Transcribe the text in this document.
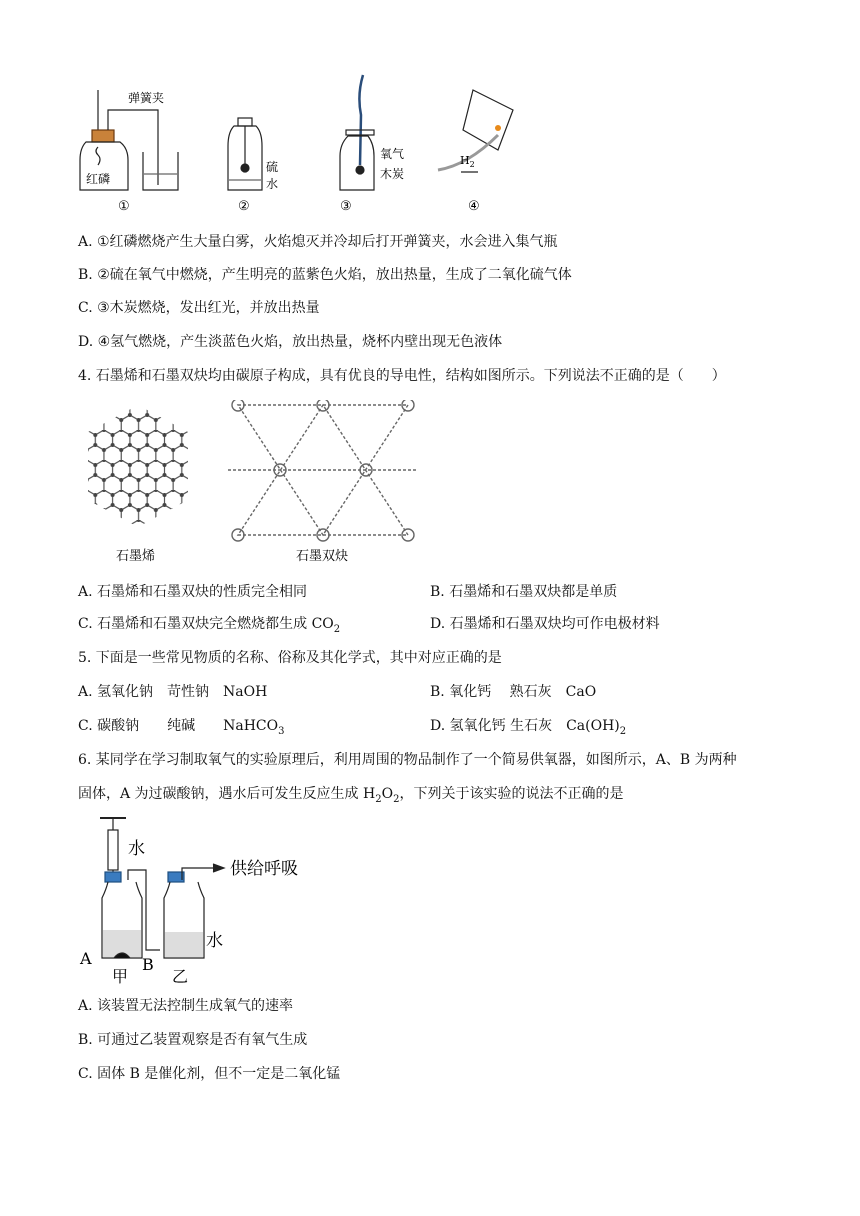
弹簧夹
红磷
①
硫
水
②
氧气
木炭
③
$H_2$
④
A. ①红磷燃烧产生大量白雾，火焰熄灭并冷却后打开弹簧夹，水会进入集气瓶
B. ②硫在氧气中燃烧，产生明亮的蓝紫色火焰，放出热量，生成了二氧化硫气体
C. ③木炭燃烧，发出红光，并放出热量
D. ④氢气燃烧，产生淡蓝色火焰，放出热量，烧杯内壁出现无色液体
4. 石墨烯和石墨双炔均由碳原子构成，具有优良的导电性，结构如图所示。下列说法不正确的是（　　）
石墨烯	石墨双炔
A. 石墨烯和石墨双炔的性质完全相同	B. 石墨烯和石墨双炔都是单质
C. 石墨烯和石墨双炔完全燃烧都生成 $CO_2$	D. 石墨烯和石墨双炔均可作电极材料
5. 下面是一些常见物质的名称、俗称及其化学式，其中对应正确的是
A. 氢氧化钠　苛性钠　NaOH	B. 氧化钙　 熟石灰　CaO
C. 碳酸钠　　纯碱　　NaHCO$_3$	D. 氢氧化钙 生石灰　$Ca(OH)_2$
6. 某同学在学习制取氧气的实验原理后，利用周围的物品制作了一个简易供氧器，如图所示，A、B 为两种
固体，A 为过碳酸钠，遇水后可发生反应生成 $H_2O_2$，下列关于该实验的说法不正确的是
水
供给呼吸
水
A	B
甲	乙
A. 该装置无法控制生成氧气的速率
B. 可通过乙装置观察是否有氧气生成
C. 固体 B 是催化剂，但不一定是二氧化锰
